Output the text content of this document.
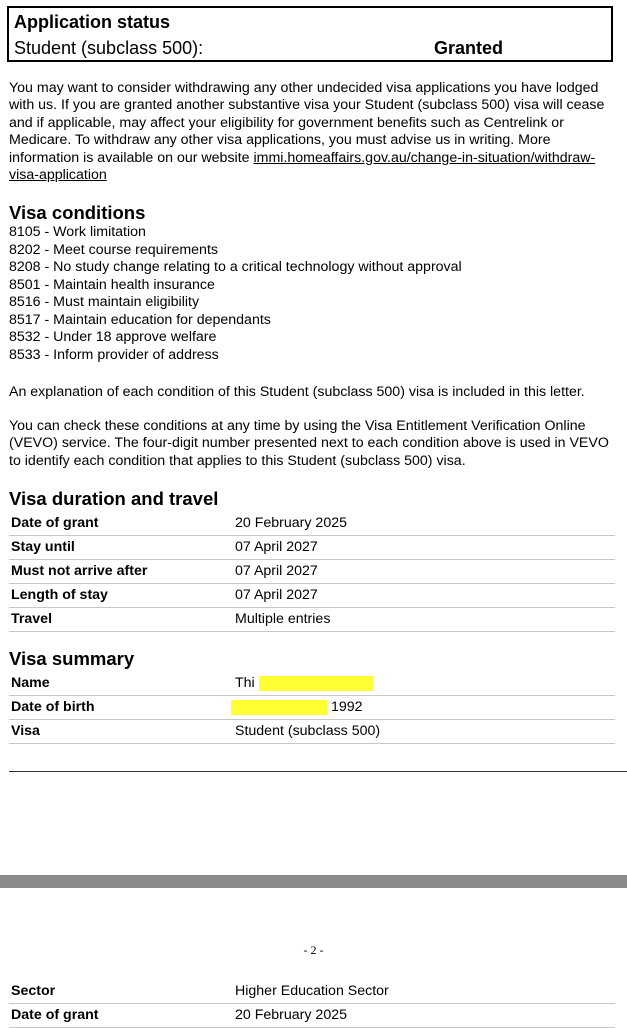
Application status
Student (subclass 500):	Granted

You may want to consider withdrawing any other undecided visa applications you have lodged with us. If you are granted another substantive visa your Student (subclass 500) visa will cease and if applicable, may affect your eligibility for government benefits such as Centrelink or Medicare. To withdraw any other visa applications, you must advise us in writing. More information is available on our website immi.homeaffairs.gov.au/change-in-situation/withdraw-visa-application

Visa conditions
8105 - Work limitation
8202 - Meet course requirements
8208 - No study change relating to a critical technology without approval
8501 - Maintain health insurance
8516 - Must maintain eligibility
8517 - Maintain education for dependants
8532 - Under 18 approve welfare
8533 - Inform provider of address

An explanation of each condition of this Student (subclass 500) visa is included in this letter.

You can check these conditions at any time by using the Visa Entitlement Verification Online (VEVO) service. The four-digit number presented next to each condition above is used in VEVO to identify each condition that applies to this Student (subclass 500) visa.

Visa duration and travel
Date of grant	20 February 2025
Stay until	07 April 2027
Must not arrive after	07 April 2027
Length of stay	07 April 2027
Travel	Multiple entries
Visa summary
Name	Thi
Date of birth	1992
Visa	Student (subclass 500)
- 2 -
Sector	Higher Education Sector
Date of grant	20 February 2025
